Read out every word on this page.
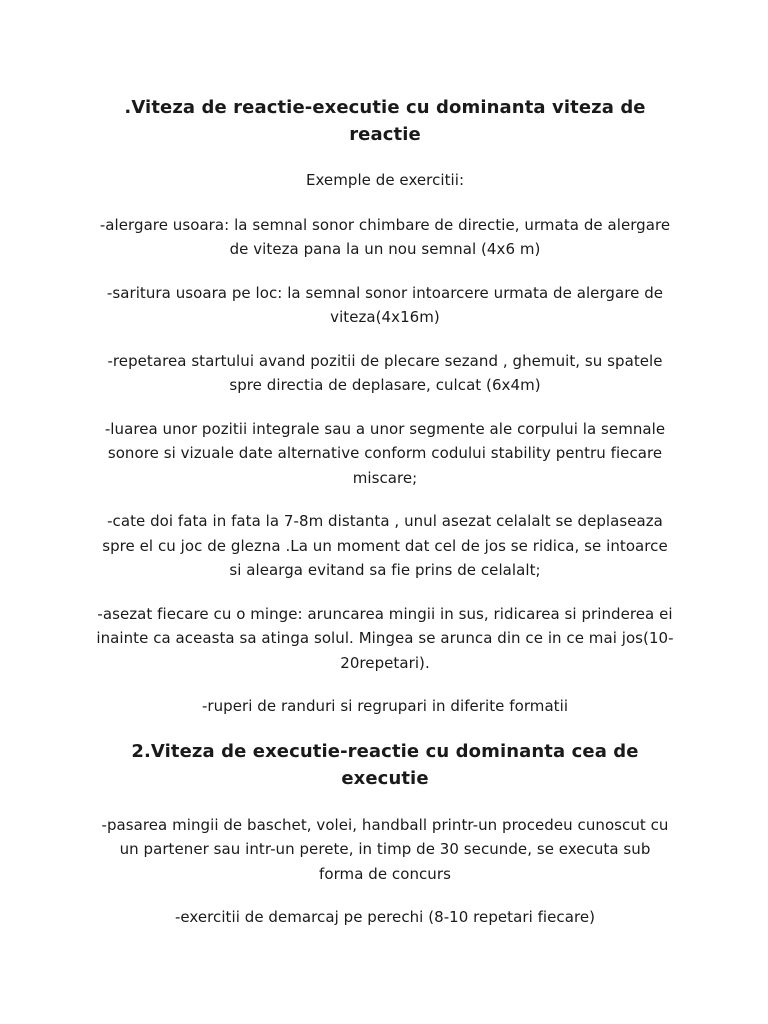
.Viteza de reactie-executie cu dominanta viteza de reactie

Exemple de exercitii:

-alergare usoara: la semnal sonor chimbare de directie, urmata de alergare de viteza pana la un nou semnal (4x6 m)

-saritura usoara pe loc: la semnal sonor intoarcere urmata de alergare de viteza(4x16m)

-repetarea startului avand pozitii de plecare sezand , ghemuit, su spatele spre directia de deplasare, culcat (6x4m)

-luarea unor pozitii integrale sau a unor segmente ale corpului la semnale sonore si vizuale date alternative conform codului stability pentru fiecare miscare;

-cate doi fata in fata la 7-8m distanta , unul asezat celalalt se deplaseaza spre el cu joc de glezna .La un moment dat cel de jos se ridica, se intoarce si alearga evitand sa fie prins de celalalt;

-asezat fiecare cu o minge: aruncarea mingii in sus, ridicarea si prinderea ei inainte ca aceasta sa atinga solul. Mingea se arunca din ce in ce mai jos(10-20repetari).

-ruperi de randuri si regrupari in diferite formatii

2.Viteza de executie-reactie cu dominanta cea de executie

-pasarea mingii de baschet, volei, handball printr-un procedeu cunoscut cu un partener sau intr-un perete, in timp de 30 secunde, se executa sub forma de concurs

-exercitii de demarcaj pe perechi (8-10 repetari fiecare)
